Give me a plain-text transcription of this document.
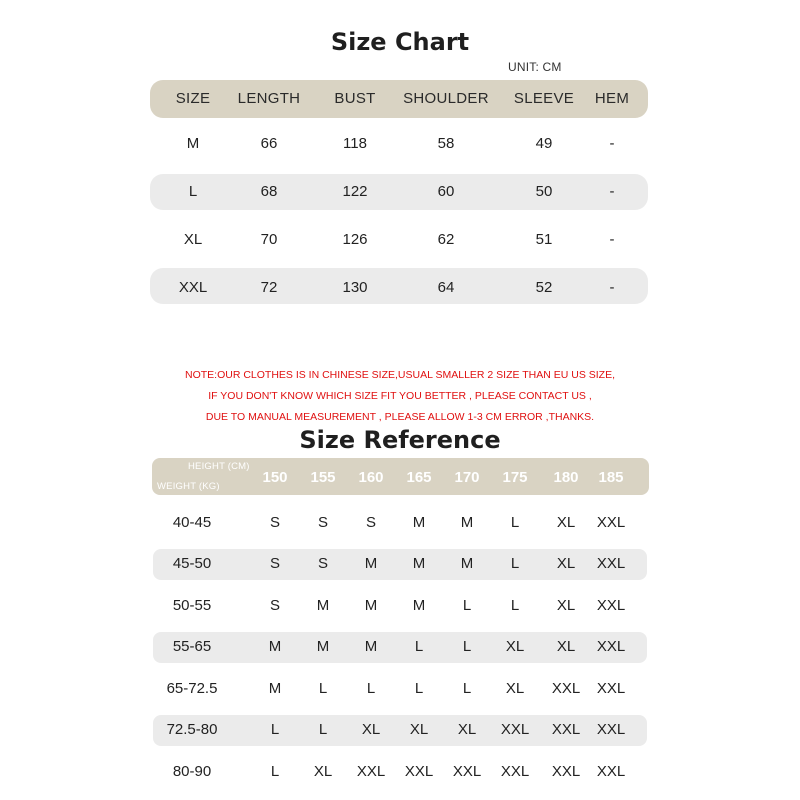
Size Chart
UNIT: CM
SIZE LENGTH BUST SHOULDER SLEEVE HEM
M	66	118	58	49	-
L	68	122	60	50	-
XL	70	126	62	51	-
XXL	72	130	64	52	-
NOTE:OUR CLOTHES IS IN CHINESE SIZE,USUAL SMALLER 2 SIZE THAN EU US SIZE,
IF YOU DON'T KNOW WHICH SIZE FIT YOU BETTER , PLEASE CONTACT US ,
DUE TO MANUAL MEASUREMENT , PLEASE ALLOW 1-3 CM ERROR ,THANKS.
Size Reference
HEIGHT (CM)
WEIGHT (KG)
150 155 160 165 170 175 180 185
40-45	S	S	S M M	L	XL XXL
45-50	S	S M M M	L	XL XXL
50-55	S M M M	L	L	XL XXL
55-65	M M M	L	L XL XL XXL
65-72.5	M	L	L	L	L XL XXL XXL
72.5-80	L	L XL XL XL XXL XXL XXL
80-90	L XL XXL XXL XXL XXL XXL XXL
